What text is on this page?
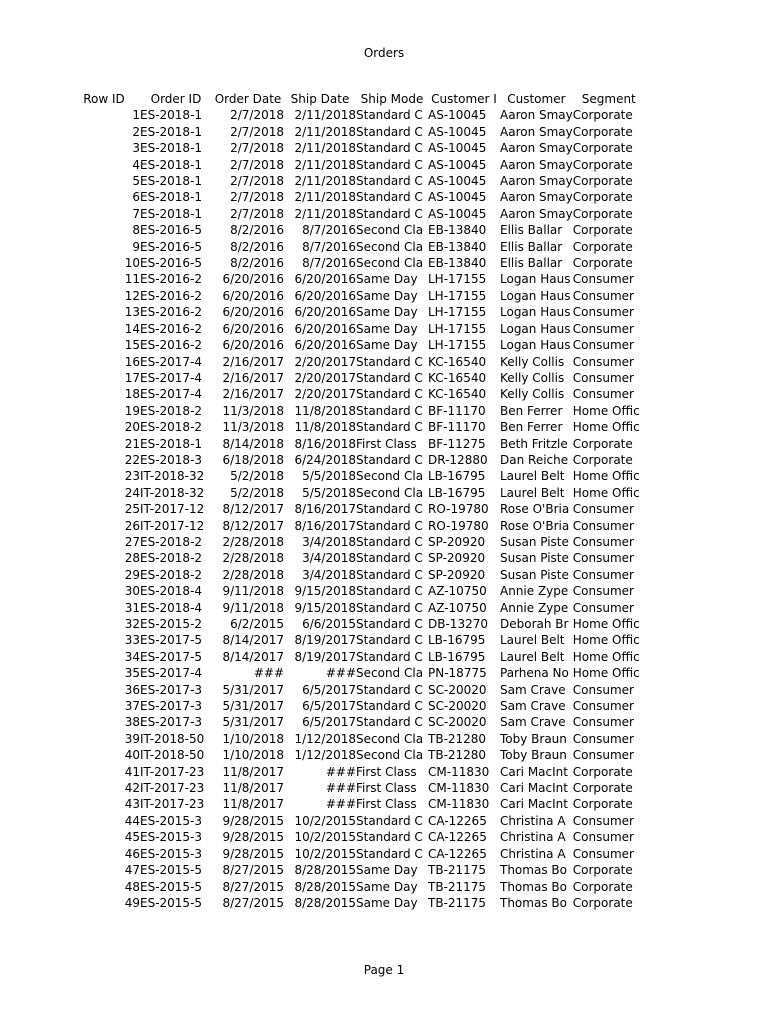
Orders
Row ID	Order ID	Order Date	Ship Date	Ship Mode	Customer I	Customer	Segment
1	ES-2018-1	2/7/2018	2/11/2018	Standard C	AS-10045	Aaron Smay	Corporate
2	ES-2018-1	2/7/2018	2/11/2018	Standard C	AS-10045	Aaron Smay	Corporate
3	ES-2018-1	2/7/2018	2/11/2018	Standard C	AS-10045	Aaron Smay	Corporate
4	ES-2018-1	2/7/2018	2/11/2018	Standard C	AS-10045	Aaron Smay	Corporate
5	ES-2018-1	2/7/2018	2/11/2018	Standard C	AS-10045	Aaron Smay	Corporate
6	ES-2018-1	2/7/2018	2/11/2018	Standard C	AS-10045	Aaron Smay	Corporate
7	ES-2018-1	2/7/2018	2/11/2018	Standard C	AS-10045	Aaron Smay	Corporate
8	ES-2016-5	8/2/2016	8/7/2016	Second Cla	EB-13840	Ellis Ballar	Corporate
9	ES-2016-5	8/2/2016	8/7/2016	Second Cla	EB-13840	Ellis Ballar	Corporate
10	ES-2016-5	8/2/2016	8/7/2016	Second Cla	EB-13840	Ellis Ballar	Corporate
11	ES-2016-2	6/20/2016	6/20/2016	Same Day	LH-17155	Logan Haus	Consumer
12	ES-2016-2	6/20/2016	6/20/2016	Same Day	LH-17155	Logan Haus	Consumer
13	ES-2016-2	6/20/2016	6/20/2016	Same Day	LH-17155	Logan Haus	Consumer
14	ES-2016-2	6/20/2016	6/20/2016	Same Day	LH-17155	Logan Haus	Consumer
15	ES-2016-2	6/20/2016	6/20/2016	Same Day	LH-17155	Logan Haus	Consumer
16	ES-2017-4	2/16/2017	2/20/2017	Standard C	KC-16540	Kelly Collis	Consumer
17	ES-2017-4	2/16/2017	2/20/2017	Standard C	KC-16540	Kelly Collis	Consumer
18	ES-2017-4	2/16/2017	2/20/2017	Standard C	KC-16540	Kelly Collis	Consumer
19	ES-2018-2	11/3/2018	11/8/2018	Standard C	BF-11170	Ben Ferrer	Home Offic
20	ES-2018-2	11/3/2018	11/8/2018	Standard C	BF-11170	Ben Ferrer	Home Offic
21	ES-2018-1	8/14/2018	8/16/2018	First Class	BF-11275	Beth Fritzle	Corporate
22	ES-2018-3	6/18/2018	6/24/2018	Standard C	DR-12880	Dan Reiche	Corporate
23	IT-2018-32	5/2/2018	5/5/2018	Second Cla	LB-16795	Laurel Belt	Home Offic
24	IT-2018-32	5/2/2018	5/5/2018	Second Cla	LB-16795	Laurel Belt	Home Offic
25	IT-2017-12	8/12/2017	8/16/2017	Standard C	RO-19780	Rose O'Bria	Consumer
26	IT-2017-12	8/12/2017	8/16/2017	Standard C	RO-19780	Rose O'Bria	Consumer
27	ES-2018-2	2/28/2018	3/4/2018	Standard C	SP-20920	Susan Piste	Consumer
28	ES-2018-2	2/28/2018	3/4/2018	Standard C	SP-20920	Susan Piste	Consumer
29	ES-2018-2	2/28/2018	3/4/2018	Standard C	SP-20920	Susan Piste	Consumer
30	ES-2018-4	9/11/2018	9/15/2018	Standard C	AZ-10750	Annie Zype	Consumer
31	ES-2018-4	9/11/2018	9/15/2018	Standard C	AZ-10750	Annie Zype	Consumer
32	ES-2015-2	6/2/2015	6/6/2015	Standard C	DB-13270	Deborah Br	Home Offic
33	ES-2017-5	8/14/2017	8/19/2017	Standard C	LB-16795	Laurel Belt	Home Offic
34	ES-2017-5	8/14/2017	8/19/2017	Standard C	LB-16795	Laurel Belt	Home Offic
35	ES-2017-4	###	###	Second Cla	PN-18775	Parhena No	Home Offic
36	ES-2017-3	5/31/2017	6/5/2017	Standard C	SC-20020	Sam Crave	Consumer
37	ES-2017-3	5/31/2017	6/5/2017	Standard C	SC-20020	Sam Crave	Consumer
38	ES-2017-3	5/31/2017	6/5/2017	Standard C	SC-20020	Sam Crave	Consumer
39	IT-2018-50	1/10/2018	1/12/2018	Second Cla	TB-21280	Toby Braun	Consumer
40	IT-2018-50	1/10/2018	1/12/2018	Second Cla	TB-21280	Toby Braun	Consumer
41	IT-2017-23	11/8/2017	###	First Class	CM-11830	Cari MacInt	Corporate
42	IT-2017-23	11/8/2017	###	First Class	CM-11830	Cari MacInt	Corporate
43	IT-2017-23	11/8/2017	###	First Class	CM-11830	Cari MacInt	Corporate
44	ES-2015-3	9/28/2015	10/2/2015	Standard C	CA-12265	Christina A	Consumer
45	ES-2015-3	9/28/2015	10/2/2015	Standard C	CA-12265	Christina A	Consumer
46	ES-2015-3	9/28/2015	10/2/2015	Standard C	CA-12265	Christina A	Consumer
47	ES-2015-5	8/27/2015	8/28/2015	Same Day	TB-21175	Thomas Bo	Corporate
48	ES-2015-5	8/27/2015	8/28/2015	Same Day	TB-21175	Thomas Bo	Corporate
49	ES-2015-5	8/27/2015	8/28/2015	Same Day	TB-21175	Thomas Bo	Corporate
Page 1
